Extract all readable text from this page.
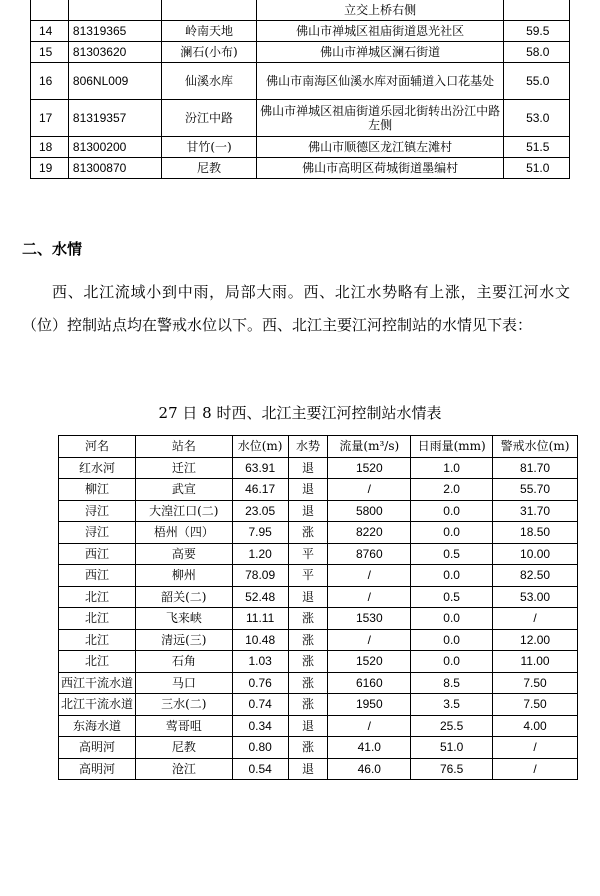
			立交上桥右侧	
14	81319365	岭南天地	佛山市禅城区祖庙街道恩光社区	59.5
15	81303620	澜石(小布)	佛山市禅城区澜石街道	58.0
16	806NL009	仙溪水库	佛山市南海区仙溪水库对面辅道入口花基处	55.0
17	81319357	汾江中路	佛山市禅城区祖庙街道乐园北街转出汾江中路左侧	53.0
18	81300200	甘竹(一)	佛山市顺德区龙江镇左滩村	51.5
19	81300870	尼教	佛山市高明区荷城街道墨编村	51.0
二、水情

西、北江流域小到中雨，局部大雨。西、北江水势略有上涨，主要江河水文（位）控制站点均在警戒水位以下。西、北江主要江河控制站的水情见下表：

27 日 8 时西、北江主要江河控制站水情表

河名	站名	水位(m)	水势	流量(m³/s)	日雨量(mm)	警戒水位(m)
红水河	迁江	63.91	退	1520	1.0	81.70
柳江	武宣	46.17	退	/	2.0	55.70
浔江	大湟江口(二)	23.05	退	5800	0.0	31.70
浔江	梧州（四）	7.95	涨	8220	0.0	18.50
西江	高要	1.20	平	8760	0.5	10.00
西江	柳州	78.09	平	/	0.0	82.50
北江	韶关(二)	52.48	退	/	0.5	53.00
北江	飞来峡	11.11	涨	1530	0.0	/
北江	清远(三)	10.48	涨	/	0.0	12.00
北江	石角	1.03	涨	1520	0.0	11.00
西江干流水道	马口	0.76	涨	6160	8.5	7.50
北江干流水道	三水(二)	0.74	涨	1950	3.5	7.50
东海水道	莺哥咀	0.34	退	/	25.5	4.00
高明河	尼教	0.80	涨	41.0	51.0	/
高明河	沧江	0.54	退	46.0	76.5	/
